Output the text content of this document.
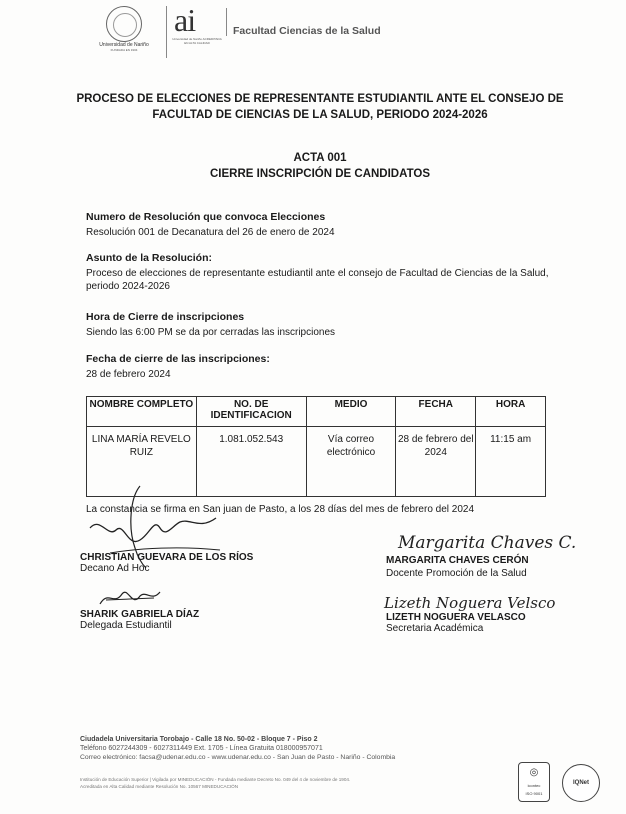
Universidad de Nariño
FUNDADA EN 1904
ai
Universidad de Nariño ACREDITADA EN ALTA CALIDAD
Facultad Ciencias de la Salud
PROCESO DE ELECCIONES DE REPRESENTANTE ESTUDIANTIL ANTE EL CONSEJO DE
FACULTAD DE CIENCIAS DE LA SALUD, PERIODO 2024-2026
ACTA 001
CIERRE INSCRIPCIÓN DE CANDIDATOS
Numero de Resolución que convoca Elecciones
Resolución 001 de Decanatura del 26 de enero de 2024
Asunto de la Resolución:
Proceso de elecciones de representante estudiantil ante el consejo de Facultad de Ciencias de la Salud, periodo 2024-2026
Hora de Cierre de inscripciones
Siendo las 6:00 PM se da por cerradas las inscripciones
Fecha de cierre de las inscripciones:
28 de febrero 2024
NOMBRE COMPLETO	NO. DE IDENTIFICACION	MEDIO	FECHA	HORA
LINA MARÍA REVELO RUIZ	1.081.052.543	Vía correo electrónico	28 de febrero del 2024	11:15 am
La constancia se firma en San juan de Pasto, a los 28 días del mes de febrero del 2024
Margarita Chaves C.
Lizeth Noguera Velsco
CHRISTIAN GUEVARA DE LOS RÍOS
Decano Ad Hoc
MARGARITA CHAVES CERÓN
Docente Promoción de la Salud
SHARIK GABRIELA DÍAZ
Delegada Estudiantil
LIZETH NOGUERA VELASCO
Secretaria Académica
Ciudadela Universitaria Torobajo - Calle 18 No. 50-02 - Bloque 7 - Piso 2
Teléfono 6027244309 - 6027311449 Ext. 1705 - Línea Gratuita 018000957071
Correo electrónico: facsa@udenar.edu.co - www.udenar.edu.co - San Juan de Pasto - Nariño - Colombia
Institución de Educación Superior | Vigilada por MINEDUCACIÓN - Fundada mediante Decreto No. 049 del 4 de noviembre de 1904.
Acreditada en Alta Calidad mediante Resolución No. 10567 MINEDUCACIÓN
◎
icontec
ISO 9001
IQNet
